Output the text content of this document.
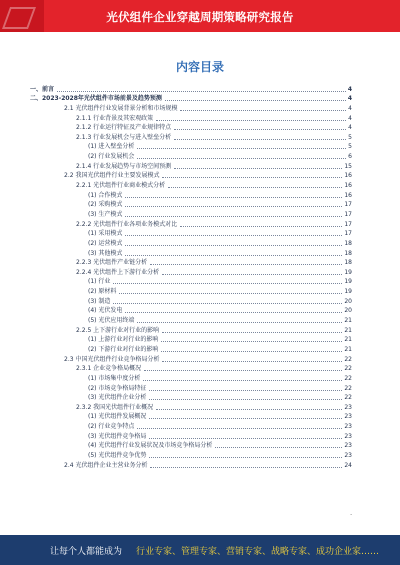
光伏组件企业穿越周期策略研究报告
内容目录
一、前言	4
二、2023-2028年光伏组件市场前景及趋势预测	4
2.1 光伏组件行业发展背景分析和市场规模	4
2.1.1 行业背景及其宏观政策	4
2.1.2 行业运行特征及产业规律特点	4
2.1.3 行业发展机会与进入壁垒分析	5
(1) 进入壁垒分析	5
(2) 行业发展机会	6
2.1.4 行业发展趋势与市场空间预测	15
2.2 我国光伏组件行业主要发展模式	16
2.2.1 光伏组件行业商业模式分析	16
(1) 合作模式	16
(2) 采购模式	17
(3) 生产模式	17
2.2.2 光伏组件行业各项业务模式对比	17
(1) 采用模式	17
(2) 运营模式	18
(3) 其他模式	18
2.2.3 光伏组件产业链分析	18
2.2.4 光伏组件上下游行业分析	19
(1) 行业	19
(2) 原材料	19
(3) 制造	20
(4) 光伏发电	20
(5) 光伏应用终端	21
2.2.5 上下游行业对行业的影响	21
(1) 上游行业对行业的影响	21
(2) 下游行业对行业的影响	21
2.3 中国光伏组件行业竞争格局分析	22
2.3.1 企业竞争格局概况	22
(1) 市场集中度分析	22
(2) 市场竞争格局特征	22
(3) 光伏组件企业分析	22
2.3.2 我国光伏组件行业概况	23
(1) 光伏组件发展概况	23
(2) 行业竞争特点	23
(3) 光伏组件竞争格局	23
(4) 光伏组件行业发展状况及市场竞争格局分析	23
(5) 光伏组件竞争优势	23
2.4 光伏组件企业主营业务分析	24
-
让每个人都能成为 行业专家、管理专家、营销专家、战略专家、成功企业家……
